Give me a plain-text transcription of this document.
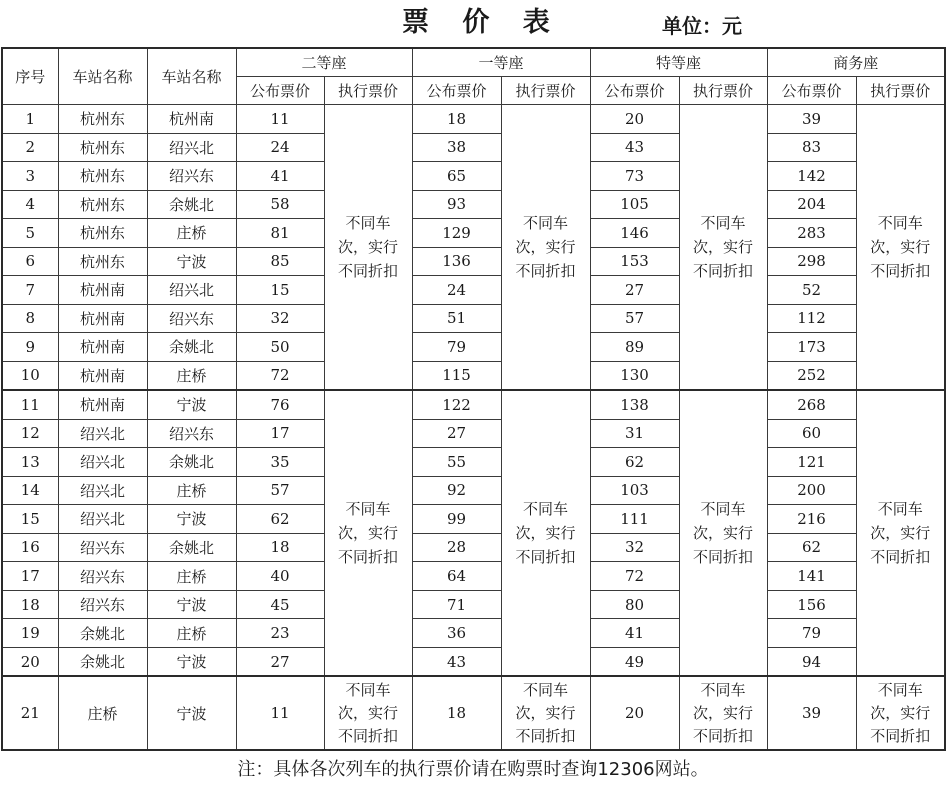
票 价 表	单位：元
序号	车站名称	车站名称	二等座		一等座		特等座		商务座	
			公布票价	执行票价	公布票价	执行票价	公布票价	执行票价	公布票价	执行票价
1	杭州东	杭州南	11	不同车
次，实行
不同折扣	18	不同车
次，实行
不同折扣	20	不同车
次，实行
不同折扣	39	不同车
次，实行
不同折扣
2	杭州东	绍兴北	24		38		43		83	
3	杭州东	绍兴东	41		65		73		142	
4	杭州东	余姚北	58		93		105		204	
5	杭州东	庄桥	81		129		146		283	
6	杭州东	宁波	85		136		153		298	
7	杭州南	绍兴北	15		24		27		52	
8	杭州南	绍兴东	32		51		57		112	
9	杭州南	余姚北	50		79		89		173	
10	杭州南	庄桥	72		115		130		252	
11	杭州南	宁波	76	不同车
次，实行
不同折扣	122	不同车
次，实行
不同折扣	138	不同车
次，实行
不同折扣	268	不同车
次，实行
不同折扣
12	绍兴北	绍兴东	17		27		31		60	
13	绍兴北	余姚北	35		55		62		121	
14	绍兴北	庄桥	57		92		103		200	
15	绍兴北	宁波	62		99		111		216	
16	绍兴东	余姚北	18		28		32		62	
17	绍兴东	庄桥	40		64		72		141	
18	绍兴东	宁波	45		71		80		156	
19	余姚北	庄桥	23		36		41		79	
20	余姚北	宁波	27		43		49		94	
21	庄桥	宁波	11	不同车
次，实行
不同折扣	18	不同车
次，实行
不同折扣	20	不同车
次，实行
不同折扣	39	不同车
次，实行
不同折扣
注：具体各次列车的执行票价请在购票时查询12306网站。
